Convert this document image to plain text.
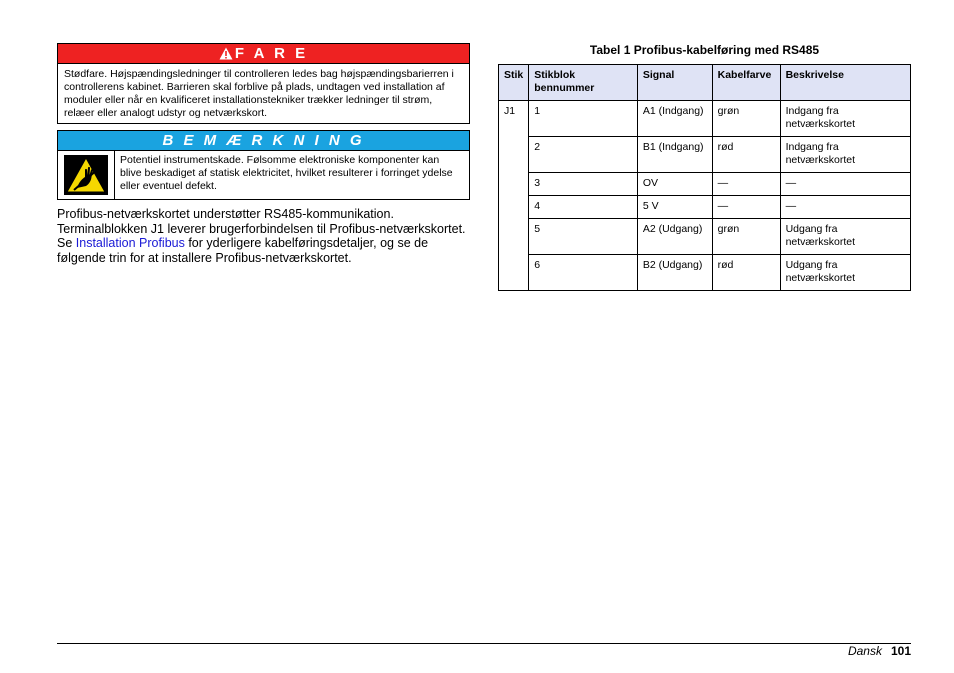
F A R E
Stødfare. Højspændingsledninger til controlleren ledes bag højspændingsbarierren i controllerens kabinet. Barrieren skal forblive på plads, undtagen ved installation af moduler eller når en kvalificeret installationstekniker trækker ledninger til strøm, relæer eller analogt udstyr og netværkskort.
B E M Æ R K N I N G
Potentiel instrumentskade. Følsomme elektroniske komponenter kan blive beskadiget af statisk elektricitet, hvilket resulterer i forringet ydelse eller eventuel defekt.
Profibus-netværkskortet understøtter RS485-kommunikation. Terminalblokken J1 leverer brugerforbindelsen til Profibus-netværkskortet. Se Installation Profibus for yderligere kabelføringsdetaljer, og se de følgende trin for at installere Profibus-netværkskortet.
Tabel 1 Profibus-kabelføring med RS485
Stik	Stikblok bennummer	Signal	Kabelfarve	Beskrivelse
J1	1	A1 (Indgang)	grøn	Indgang fra netværkskortet
	2	B1 (Indgang)	rød	Indgang fra netværkskortet
	3	OV	—	—
	4	5 V	—	—
	5	A2 (Udgang)	grøn	Udgang fra netværkskortet
	6	B2 (Udgang)	rød	Udgang fra netværkskortet
Dansk 101
